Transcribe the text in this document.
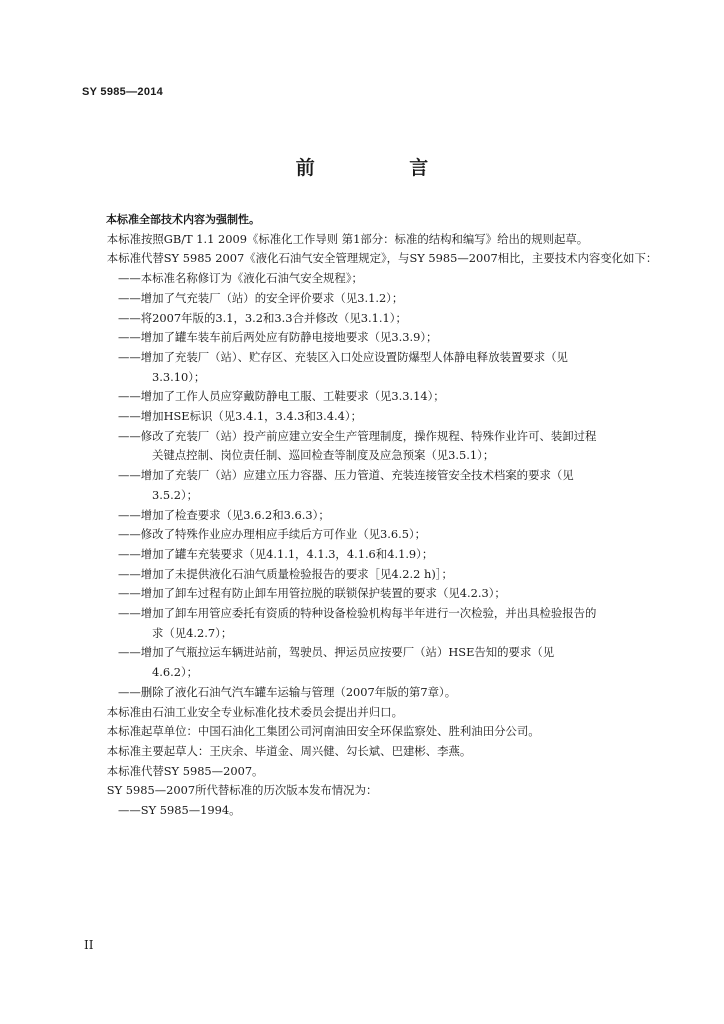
SY 5985—2014
前 言

本标准全部技术内容为强制性。

本标准按照GB/T 1.1 2009《标准化工作导则 第1部分：标准的结构和编写》给出的规则起草。

本标准代替SY 5985 2007《液化石油气安全管理规定》，与SY 5985—2007相比，主要技术内容变化如下：

——本标准名称修订为《液化石油气安全规程》；

——增加了气充装厂（站）的安全评价要求（见3.1.2）；

——将2007年版的3.1，3.2和3.3合并修改（见3.1.1）；

——增加了罐车装车前后两处应有防静电接地要求（见3.3.9）；

——增加了充装厂（站）、贮存区、充装区入口处应设置防爆型人体静电释放装置要求（见
3.3.10）；

——增加了工作人员应穿戴防静电工服、工鞋要求（见3.3.14）；

——增加HSE标识（见3.4.1，3.4.3和3.4.4）；

——修改了充装厂（站）投产前应建立安全生产管理制度，操作规程、特殊作业许可、装卸过程
关键点控制、岗位责任制、巡回检查等制度及应急预案（见3.5.1）；

——增加了充装厂（站）应建立压力容器、压力管道、充装连接管安全技术档案的要求（见
3.5.2）；

——增加了检查要求（见3.6.2和3.6.3）；

——修改了特殊作业应办理相应手续后方可作业（见3.6.5）；

——增加了罐车充装要求（见4.1.1，4.1.3，4.1.6和4.1.9）；

——增加了未提供液化石油气质量检验报告的要求［见4.2.2 h)］；

——增加了卸车过程有防止卸车用管拉脱的联锁保护装置的要求（见4.2.3）；

——增加了卸车用管应委托有资质的特种设备检验机构每半年进行一次检验，并出具检验报告的
求（见4.2.7）；

——增加了气瓶拉运车辆进站前，驾驶员、押运员应按要厂（站）HSE告知的要求（见
4.6.2）；

——删除了液化石油气汽车罐车运输与管理（2007年版的第7章）。

本标准由石油工业安全专业标准化技术委员会提出并归口。

本标准起草单位：中国石油化工集团公司河南油田安全环保监察处、胜利油田分公司。

本标准主要起草人：王庆余、毕道金、周兴健、勾长斌、巴建彬、李燕。

本标准代替SY 5985—2007。

SY 5985—2007所代替标准的历次版本发布情况为：

——SY 5985—1994。

II
